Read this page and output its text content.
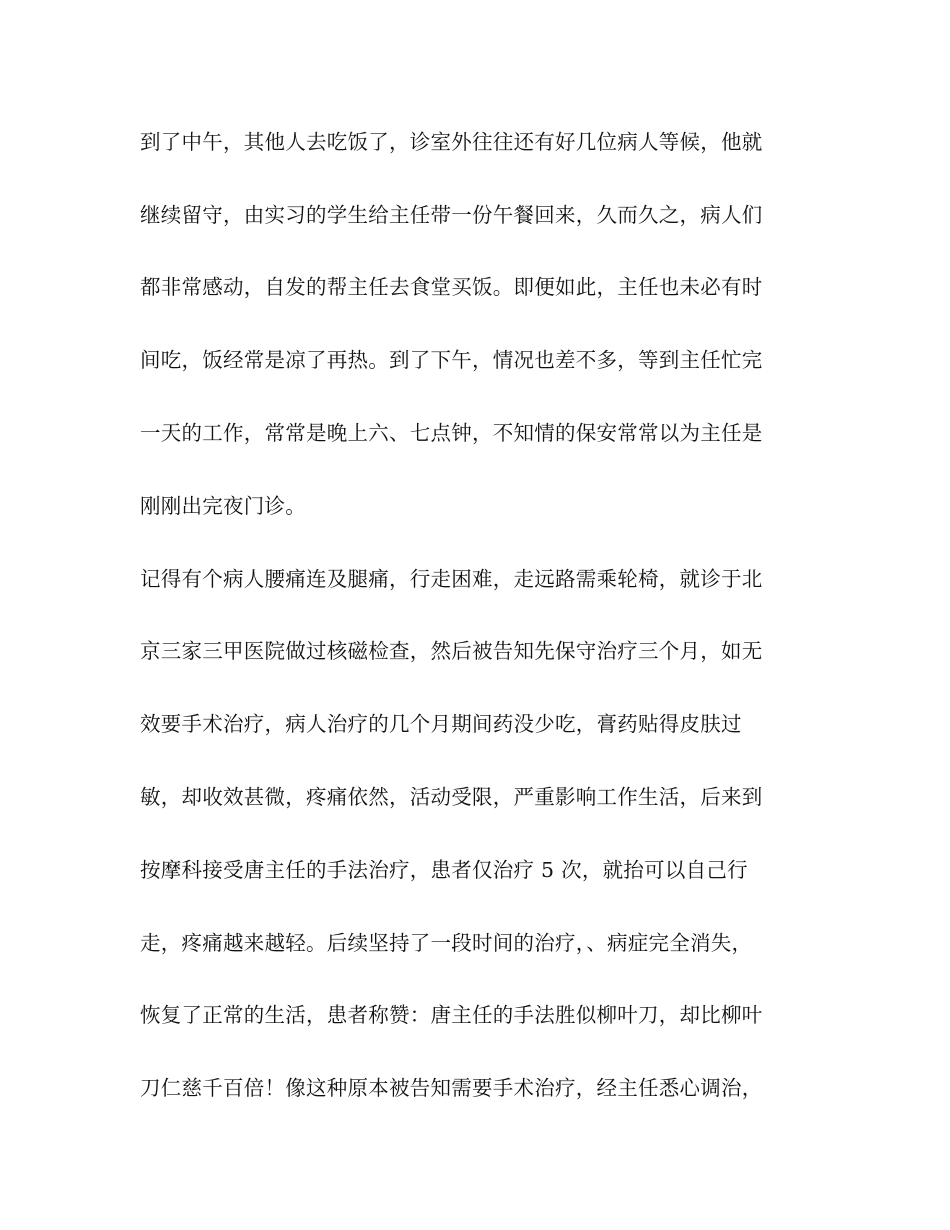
到了中午，其他人去吃饭了，诊室外往往还有好几位病人等候，他就
继续留守，由实习的学生给主任带一份午餐回来，久而久之，病人们
都非常感动，自发的帮主任去食堂买饭。即便如此，主任也未必有时
间吃，饭经常是凉了再热。到了下午，情况也差不多，等到主任忙完
一天的工作，常常是晚上六、七点钟，不知情的保安常常以为主任是
刚刚出完夜门诊。
记得有个病人腰痛连及腿痛，行走困难，走远路需乘轮椅，就诊于北
京三家三甲医院做过核磁检查，然后被告知先保守治疗三个月，如无
效要手术治疗，病人治疗的几个月期间药没少吃，膏药贴得皮肤过
敏，却收效甚微，疼痛依然，活动受限，严重影响工作生活，后来到
按摩科接受唐主任的手法治疗，患者仅治疗 5 次，就抬可以自己行
走，疼痛越来越轻。后续坚持了一段时间的治疗，、病症完全消失，
恢复了正常的生活，患者称赞：唐主任的手法胜似柳叶刀，却比柳叶
刀仁慈千百倍！像这种原本被告知需要手术治疗，经主任悉心调治，
